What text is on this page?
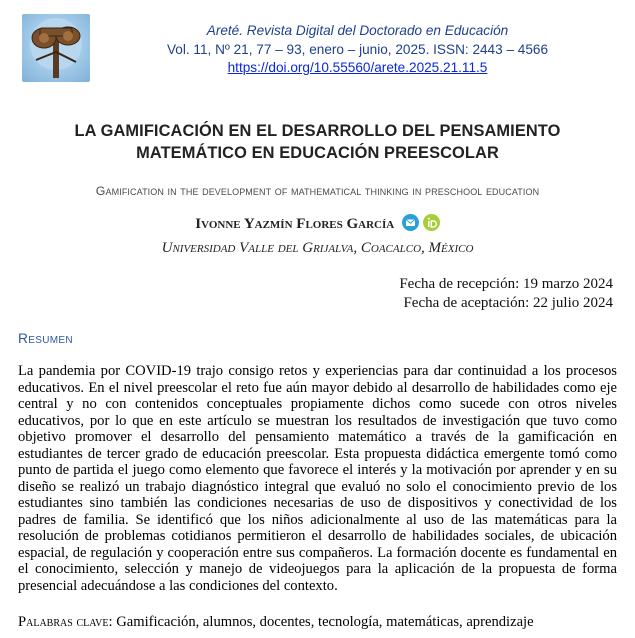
Areté. Revista Digital del Doctorado en Educación
Vol. 11, Nº 21, 77 – 93, enero – junio, 2025. ISSN: 2443 – 4566
https://doi.org/10.55560/arete.2025.21.11.5
LA GAMIFICACIÓN EN EL DESARROLLO DEL PENSAMIENTO
MATEMÁTICO EN EDUCACIÓN PREESCOLAR
Gamification in the development of mathematical thinking in preschool education
Ivonne Yazmín Flores García
Universidad Valle del Grijalva, Coacalco, México
Fecha de recepción: 19 marzo 2024
Fecha de aceptación: 22 julio 2024
Resumen
La pandemia por COVID-19 trajo consigo retos y experiencias para dar continuidad a los procesos educativos. En el nivel preescolar el reto fue aún mayor debido al desarrollo de habilidades como eje central y no con contenidos conceptuales propiamente dichos como sucede con otros niveles educativos, por lo que en este artículo se muestran los resultados de investigación que tuvo como objetivo promover el desarrollo del pensamiento matemático a través de la gamificación en estudiantes de tercer grado de educación preescolar. Esta propuesta didáctica emergente tomó como punto de partida el juego como elemento que favorece el interés y la motivación por aprender y en su diseño se realizó un trabajo diagnóstico integral que evaluó no solo el conocimiento previo de los estudiantes sino también las condiciones necesarias de uso de dispositivos y conectividad de los padres de familia. Se identificó que los niños adicionalmente al uso de las matemáticas para la resolución de problemas cotidianos permitieron el desarrollo de habilidades sociales, de ubicación espacial, de regulación y cooperación entre sus compañeros. La formación docente es fundamental en el conocimiento, selección y manejo de videojuegos para la aplicación de la propuesta de forma presencial adecuándose a las condiciones del contexto.
Palabras clave: Gamificación, alumnos, docentes, tecnología, matemáticas, aprendizaje
